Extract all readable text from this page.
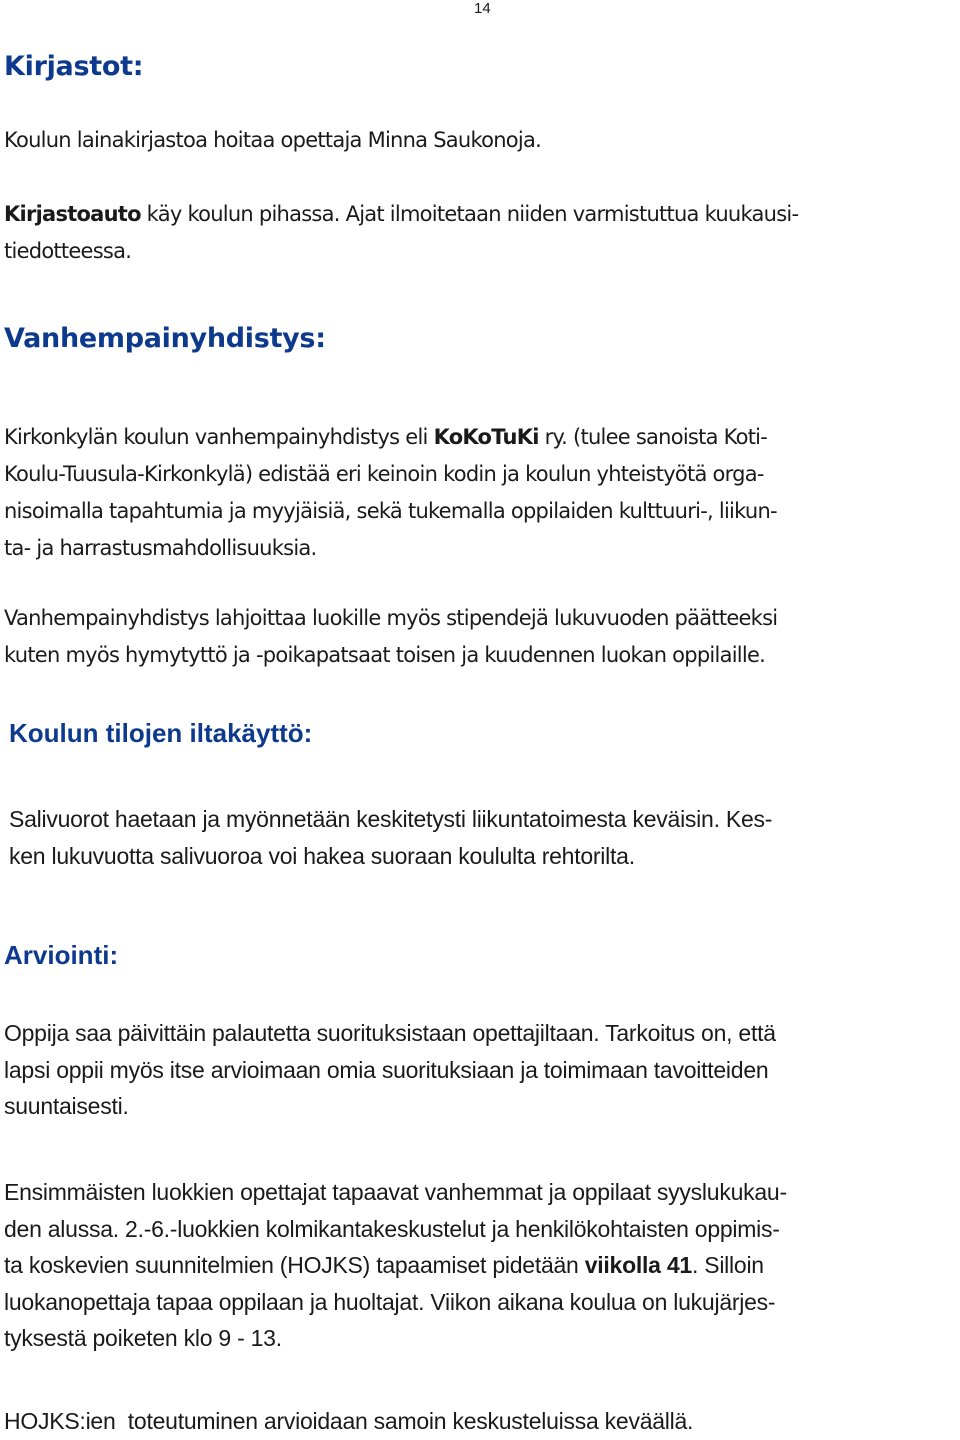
14
Kirjastot:

Koulun lainakirjastoa hoitaa opettaja Minna Saukonoja.

Kirjastoauto käy koulun pihassa. Ajat ilmoitetaan niiden varmistuttua kuukausi-
tiedotteessa.

Vanhempainyhdistys:

Kirkonkylän koulun vanhempainyhdistys eli KoKoTuKi ry. (tulee sanoista Koti-
Koulu-Tuusula-Kirkonkylä) edistää eri keinoin kodin ja koulun yhteistyötä orga-
nisoimalla tapahtumia ja myyjäisiä, sekä tukemalla oppilaiden kulttuuri-, liikun-
ta- ja harrastusmahdollisuuksia.

Vanhempainyhdistys lahjoittaa luokille myös stipendejä lukuvuoden päätteeksi
kuten myös hymytyttö ja -poikapatsaat toisen ja kuudennen luokan oppilaille.

Koulun tilojen iltakäyttö:

Salivuorot haetaan ja myönnetään keskitetysti liikuntatoimesta keväisin. Kes-
ken lukuvuotta salivuoroa voi hakea suoraan koululta rehtorilta.

Arviointi:

Oppija saa päivittäin palautetta suorituksistaan opettajiltaan. Tarkoitus on, että
lapsi oppii myös itse arvioimaan omia suorituksiaan ja toimimaan tavoitteiden
suuntaisesti.

Ensimmäisten luokkien opettajat tapaavat vanhemmat ja oppilaat syyslukukau-
den alussa. 2.-6.-luokkien kolmikantakeskustelut ja henkilökohtaisten oppimis-
ta koskevien suunnitelmien (HOJKS) tapaamiset pidetään viikolla 41. Silloin
luokanopettaja tapaa oppilaan ja huoltajat. Viikon aikana koulua on lukujärjes-
tyksestä poiketen klo 9 - 13.

HOJKS:ien  toteutuminen arvioidaan samoin keskusteluissa keväällä.
